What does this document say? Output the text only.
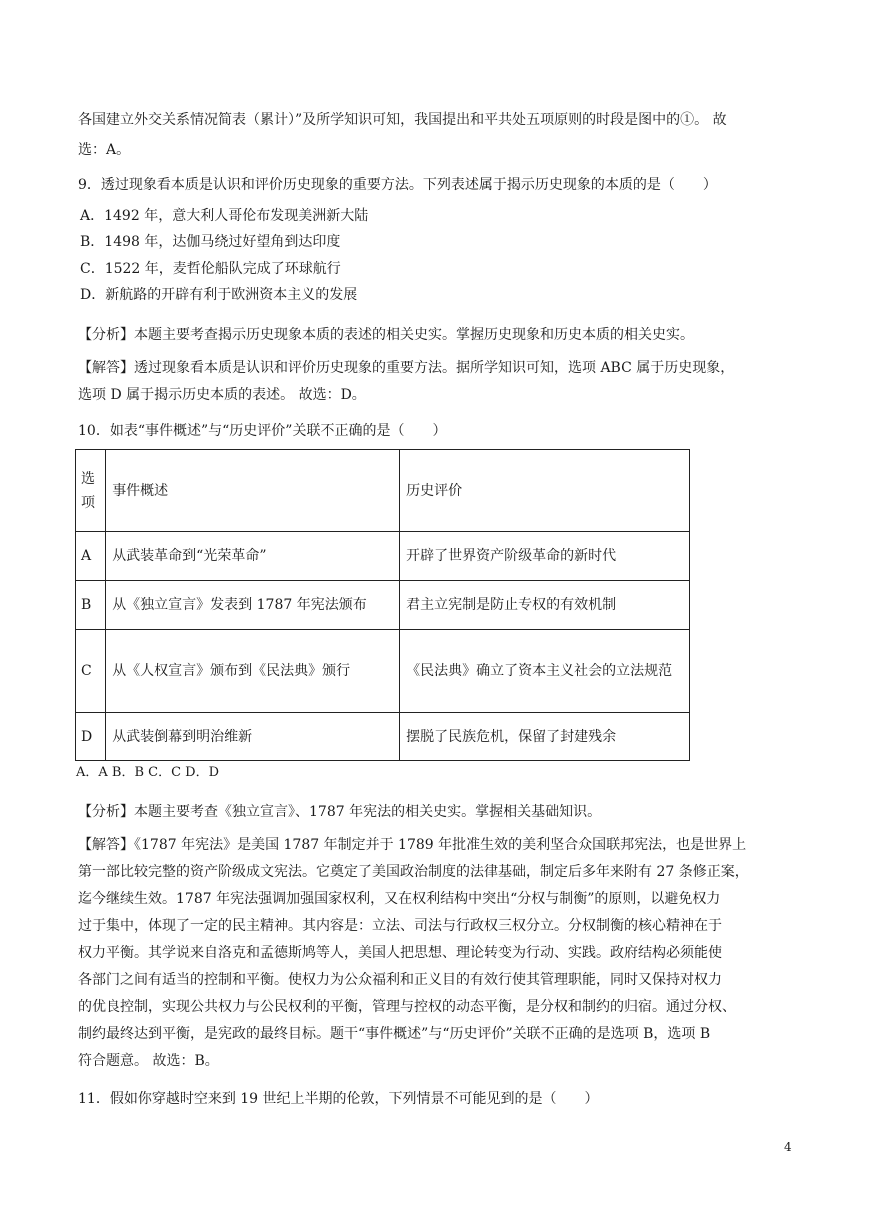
各国建立外交关系情况简表（累计）”及所学知识可知，我国提出和平共处五项原则的时段是图中的①。 故
选：A。
9．透过现象看本质是认识和评价历史现象的重要方法。下列表述属于揭示历史现象的本质的是（　　）
A．1492 年，意大利人哥伦布发现美洲新大陆
B．1498 年，达伽马绕过好望角到达印度
C．1522 年，麦哲伦船队完成了环球航行
D．新航路的开辟有利于欧洲资本主义的发展
【分析】本题主要考查揭示历史现象本质的表述的相关史实。掌握历史现象和历史本质的相关史实。
【解答】透过现象看本质是认识和评价历史现象的重要方法。据所学知识可知，选项 ABC 属于历史现象，
选项 D 属于揭示历史本质的表述。 故选：D。
10．如表“事件概述”与“历史评价”关联不正确的是（　　）
选
项	事件概述	历史评价
A	从武装革命到“光荣革命”	开辟了世界资产阶级革命的新时代
B	从《独立宣言》发表到 1787 年宪法颁布	君主立宪制是防止专权的有效机制
C	从《人权宣言》颁布到《民法典》颁行	《民法典》确立了资本主义社会的立法规范
D	从武装倒幕到明治维新	摆脱了民族危机，保留了封建残余
A．A B．B C．C D．D
【分析】本题主要考查《独立宣言》、1787 年宪法的相关史实。掌握相关基础知识。
【解答】《1787 年宪法》是美国 1787 年制定并于 1789 年批准生效的美利坚合众国联邦宪法，也是世界上
第一部比较完整的资产阶级成文宪法。它奠定了美国政治制度的法律基础，制定后多年来附有 27 条修正案，
迄今继续生效。1787 年宪法强调加强国家权利，又在权利结构中突出“分权与制衡”的原则，以避免权力
过于集中，体现了一定的民主精神。其内容是：立法、司法与行政权三权分立。分权制衡的核心精神在于
权力平衡。其学说来自洛克和孟德斯鸠等人，美国人把思想、理论转变为行动、实践。政府结构必须能使
各部门之间有适当的控制和平衡。使权力为公众福利和正义目的有效行使其管理职能，同时又保持对权力
的优良控制，实现公共权力与公民权利的平衡，管理与控权的动态平衡，是分权和制约的归宿。通过分权、
制约最终达到平衡，是宪政的最终目标。题干“事件概述”与“历史评价”关联不正确的是选项 B，选项 B
符合题意。 故选：B。
11．假如你穿越时空来到 19 世纪上半期的伦敦，下列情景不可能见到的是（　　）
4
